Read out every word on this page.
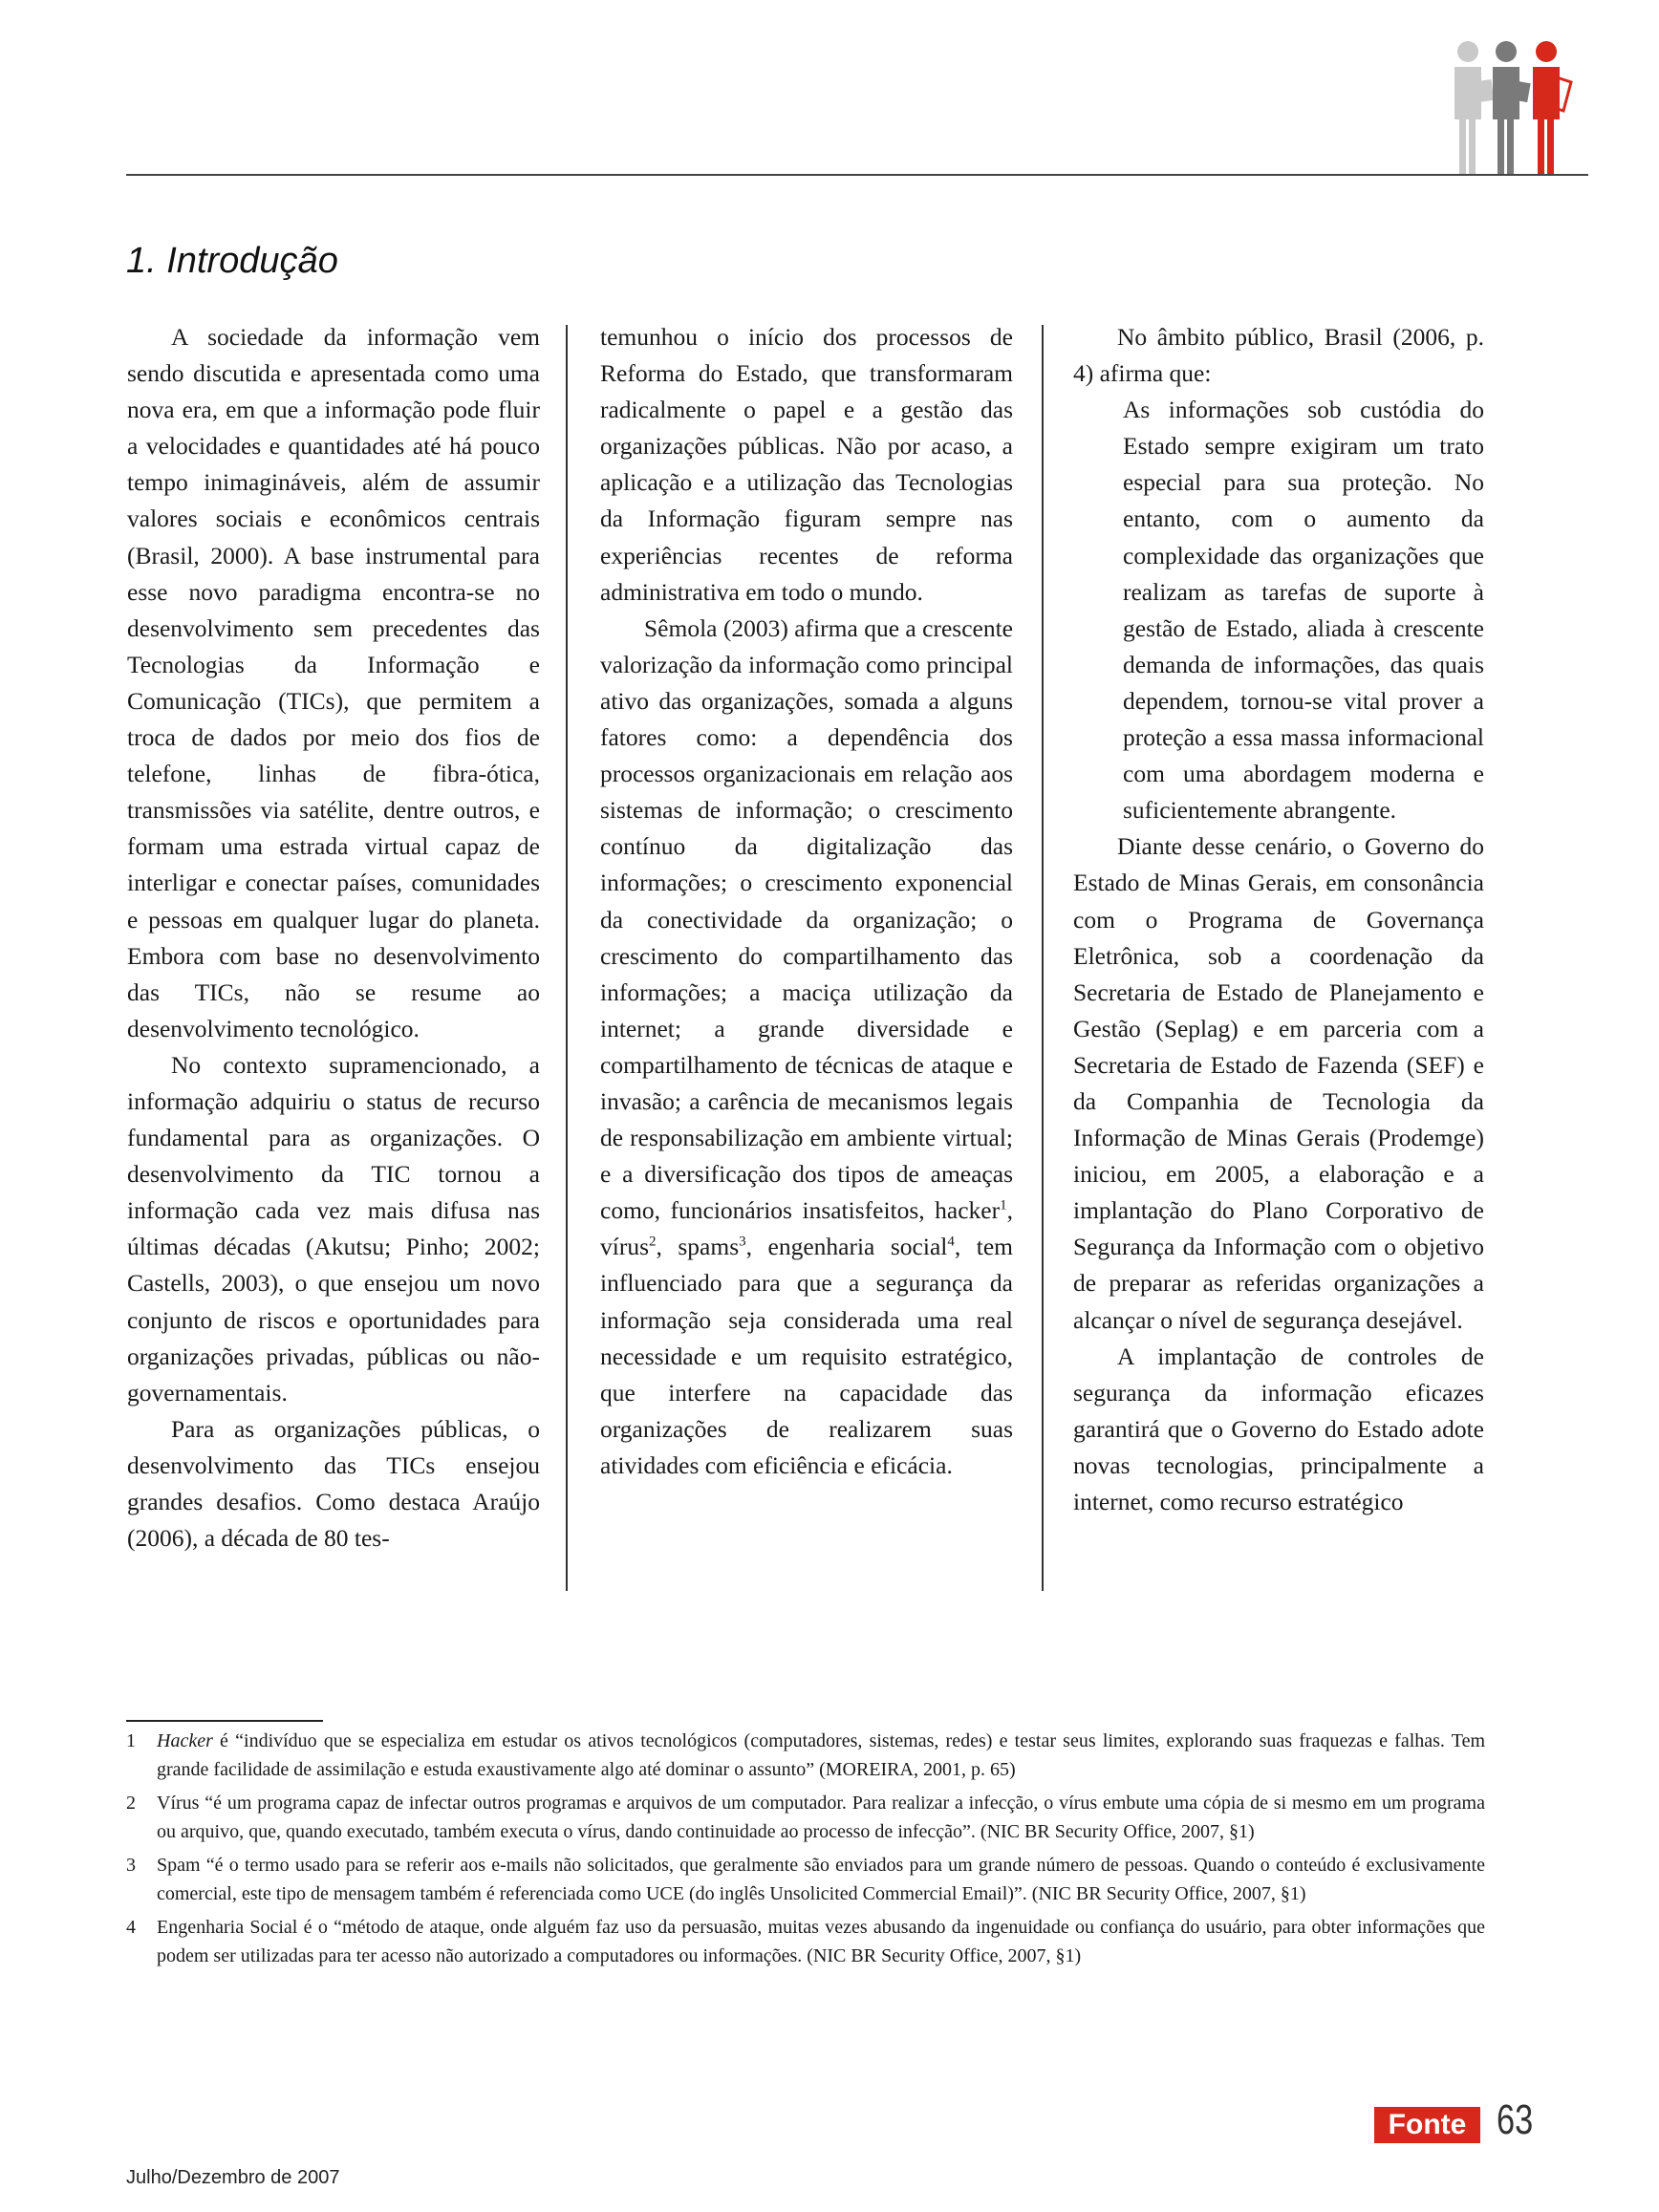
1. Introdução

A sociedade da informação vem sendo discutida e apresentada como uma nova era, em que a informação pode fluir a velocidades e quantidades até há pouco tempo inimagináveis, além de assumir valores sociais e econômicos centrais (Brasil, 2000). A base instrumental para esse novo paradigma encontra-se no desenvolvimento sem precedentes das Tecnologias da Informação e Comunicação (TICs), que permitem a troca de dados por meio dos fios de telefone, linhas de fibra-ótica, transmissões via satélite, dentre outros, e formam uma estrada virtual capaz de interligar e conectar países, comunidades e pessoas em qualquer lugar do planeta. Embora com base no desenvolvimento das TICs, não se resume ao desenvolvimento tecnológico.

No contexto supramencionado, a informação adquiriu o status de recurso fundamental para as organizações. O desenvolvimento da TIC tornou a informação cada vez mais difusa nas últimas décadas (Akutsu; Pinho; 2002; Castells, 2003), o que ensejou um novo conjunto de riscos e oportunidades para organizações privadas, públicas ou não-governamentais.

Para as organizações públicas, o desenvolvimento das TICs ensejou grandes desafios. Como destaca Araújo (2006), a década de 80 tes-

temunhou o início dos processos de Reforma do Estado, que transformaram radicalmente o papel e a gestão das organizações públicas. Não por acaso, a aplicação e a utilização das Tecnologias da Informação figuram sempre nas experiências recentes de reforma administrativa em todo o mundo.

Sêmola (2003) afirma que a crescente valorização da informação como principal ativo das organizações, somada a alguns fatores como: a dependência dos processos organizacionais em relação aos sistemas de informação; o crescimento contínuo da digitalização das informações; o crescimento exponencial da conectividade da organização; o crescimento do compartilhamento das informações; a maciça utilização da internet; a grande diversidade e compartilhamento de técnicas de ataque e invasão; a carência de mecanismos legais de responsabilização em ambiente virtual; e a diversificação dos tipos de ameaças como, funcionários insatisfeitos, hacker$^1$, vírus$^2$, spams$^3$, engenharia social$^4$, tem influenciado para que a segurança da informação seja considerada uma real necessidade e um requisito estratégico, que interfere na capacidade das organizações de realizarem suas atividades com eficiência e eficácia.

No âmbito público, Brasil (2006, p. 4) afirma que:

As informações sob custódia do Estado sempre exigiram um trato especial para sua proteção. No entanto, com o aumento da complexidade das organizações que realizam as tarefas de suporte à gestão de Estado, aliada à crescente demanda de informações, das quais dependem, tornou-se vital prover a proteção a essa massa informacional com uma abordagem moderna e suficientemente abrangente.

Diante desse cenário, o Governo do Estado de Minas Gerais, em consonância com o Programa de Governança Eletrônica, sob a coordenação da Secretaria de Estado de Planejamento e Gestão (Seplag) e em parceria com a Secretaria de Estado de Fazenda (SEF) e da Companhia de Tecnologia da Informação de Minas Gerais (Prodemge) iniciou, em 2005, a elaboração e a implantação do Plano Corporativo de Segurança da Informação com o objetivo de preparar as referidas organizações a alcançar o nível de segurança desejável.

A implantação de controles de segurança da informação eficazes garantirá que o Governo do Estado adote novas tecnologias, principalmente a internet, como recurso estratégico

1	Hacker é “indivíduo que se especializa em estudar os ativos tecnológicos (computadores, sistemas, redes) e testar seus limites, explorando suas fraquezas e falhas. Tem grande facilidade de assimilação e estuda exaustivamente algo até dominar o assunto” (MOREIRA, 2001, p. 65)
2	Vírus “é um programa capaz de infectar outros programas e arquivos de um computador. Para realizar a infecção, o vírus embute uma cópia de si mesmo em um programa ou arquivo, que, quando executado, também executa o vírus, dando continuidade ao processo de infecção”. (NIC BR Security Office, 2007, §1)
3	Spam “é o termo usado para se referir aos e-mails não solicitados, que geralmente são enviados para um grande número de pessoas. Quando o conteúdo é exclusivamente comercial, este tipo de mensagem também é referenciada como UCE (do inglês Unsolicited Commercial Email)”. (NIC BR Security Office, 2007, §1)
4	Engenharia Social é o “método de ataque, onde alguém faz uso da persuasão, muitas vezes abusando da ingenuidade ou confiança do usuário, para obter informações que podem ser utilizadas para ter acesso não autorizado a computadores ou informações. (NIC BR Security Office, 2007, §1)
Julho/Dezembro de 2007
Fonte 63
